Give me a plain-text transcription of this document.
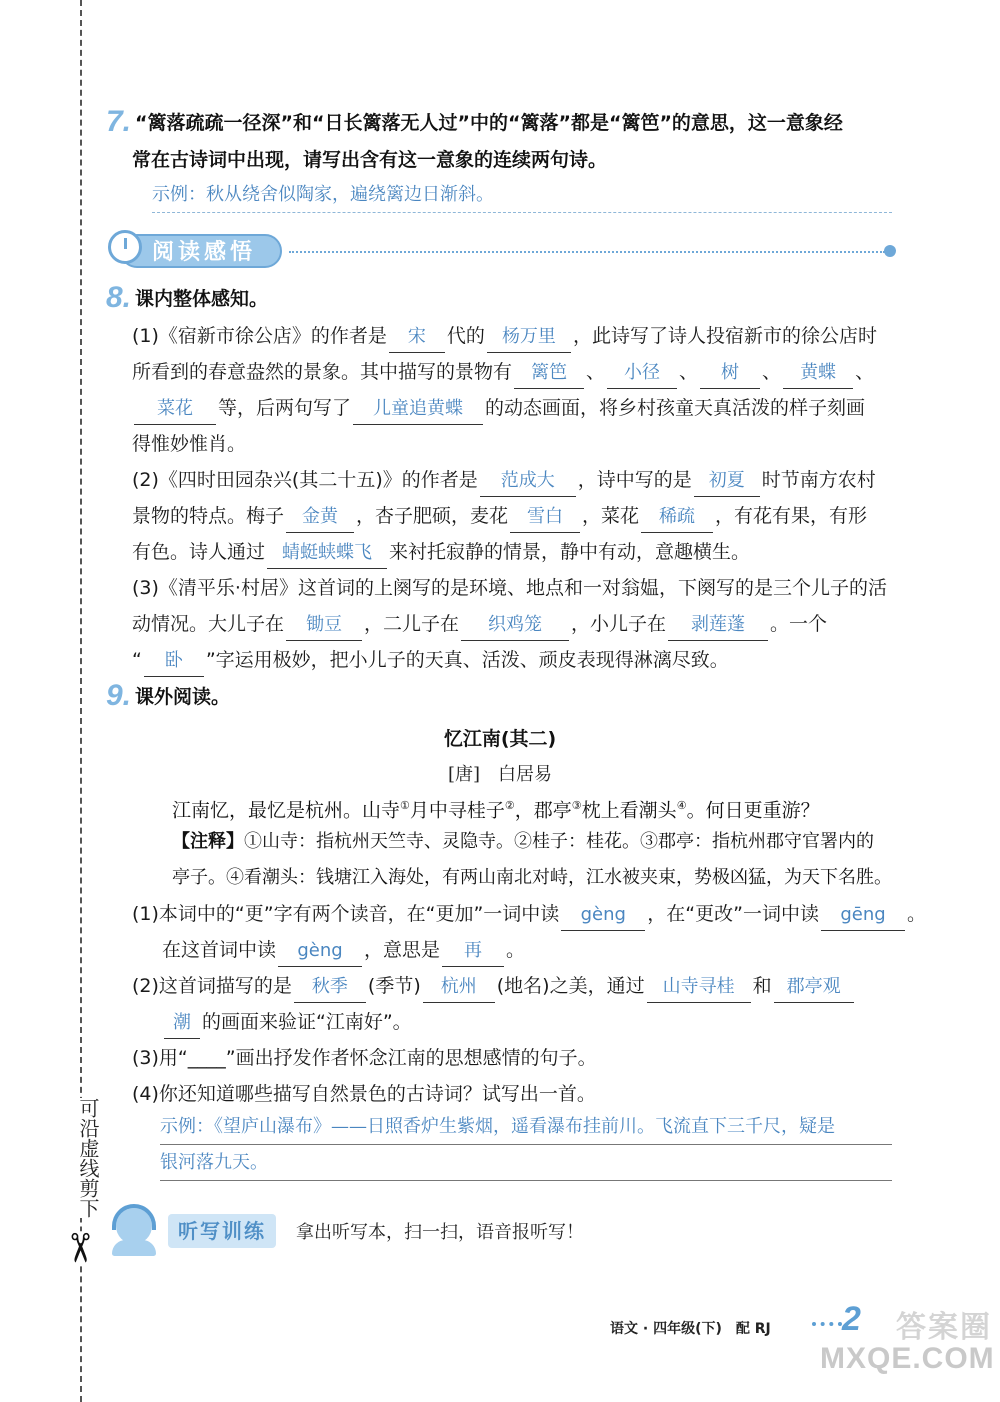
可沿虚线剪下
✂
7. “篱落疏疏一径深”和“日长篱落无人过”中的“篱落”都是“篱笆”的意思，这一意象经
常在古诗词中出现，请写出含有这一意象的连续两句诗。
示例：秋从绕舍似陶家，遍绕篱边日渐斜。
阅读感悟
8. 课内整体感知。
(1)《宿新市徐公店》的作者是 宋 代的 杨万里 ，此诗写了诗人投宿新市的徐公店时
所看到的春意盎然的景象。其中描写的景物有 篱笆 、 小径 、 树 、 黄蝶 、
菜花 等，后两句写了 儿童追黄蝶 的动态画面，将乡村孩童天真活泼的样子刻画
得惟妙惟肖。
(2)《四时田园杂兴(其二十五)》的作者是 范成大 ，诗中写的是 初夏 时节南方农村
景物的特点。梅子 金黄 ，杏子肥硕，麦花 雪白 ，菜花 稀疏 ，有花有果，有形
有色。诗人通过 蜻蜓蛱蝶飞 来衬托寂静的情景，静中有动，意趣横生。
(3)《清平乐·村居》这首词的上阕写的是环境、地点和一对翁媪，下阕写的是三个儿子的活
动情况。大儿子在 锄豆 ，二儿子在 织鸡笼 ，小儿子在 剥莲蓬 。一个
“ 卧 ”字运用极妙，把小儿子的天真、活泼、顽皮表现得淋漓尽致。
9. 课外阅读。
忆江南(其二)
[唐]　白居易
江南忆，最忆是杭州。山寺①月中寻桂子②，郡亭③枕上看潮头④。何日更重游？
【注释】①山寺：指杭州天竺寺、灵隐寺。②桂子：桂花。③郡亭：指杭州郡守官署内的
亭子。④看潮头：钱塘江入海处，有两山南北对峙，江水被夹束，势极凶猛，为天下名胜。
(1)本词中的“更”字有两个读音，在“更加”一词中读 gèng ，在“更改”一词中读 gēng 。
在这首词中读 gèng ，意思是 再 。
(2)这首词描写的是 秋季 (季节) 杭州 (地名)之美，通过 山寺寻桂 和 郡亭观
潮 的画面来验证“江南好”。
(3)用“____”画出抒发作者怀念江南的思想感情的句子。
(4)你还知道哪些描写自然景色的古诗词？试写出一首。
示例：《望庐山瀑布》——日照香炉生紫烟，遥看瀑布挂前川。飞流直下三千尺，疑是
银河落九天。
听写训练	拿出听写本，扫一扫，语音报听写！
语文 · 四年级(下)　配 RJ	2	答案圈
MXQE.COM
